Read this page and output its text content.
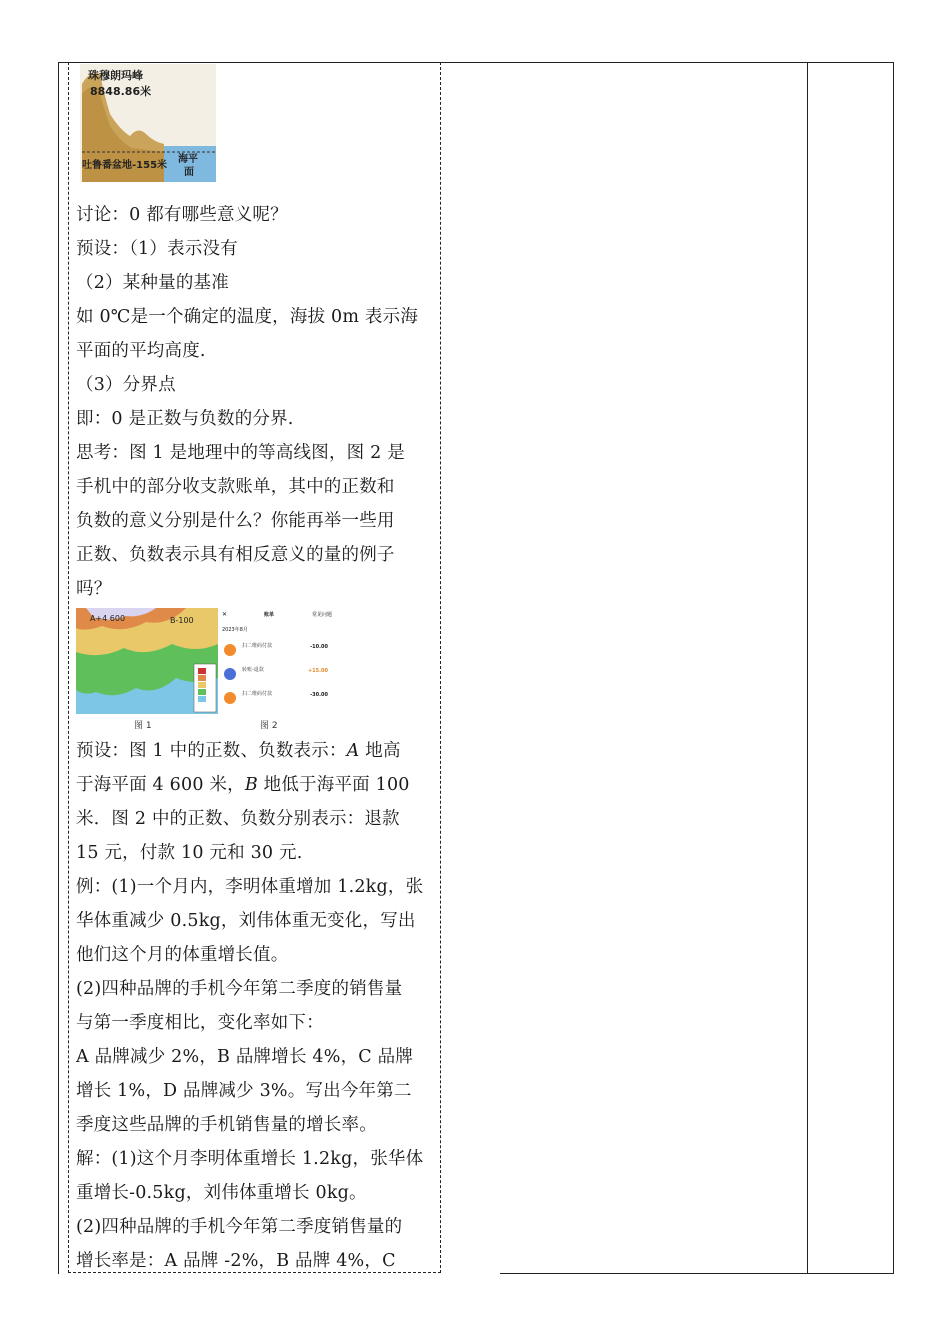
珠穆朗玛峰
8848.86米
吐鲁番盆地-155米
海平
面
讨论：0 都有哪些意义呢？
预设：（1）表示没有
（2）某种量的基准
如 0℃是一个确定的温度，海拔 0m 表示海
平面的平均高度.
（3）分界点
即：0 是正数与负数的分界.
思考：图 1 是地理中的等高线图，图 2 是
手机中的部分收支款账单，其中的正数和
负数的意义分别是什么？你能再举一些用
正数、负数表示具有相反意义的量的例子
吗？
A+4 600	B-100
✕	账单	常见问题
2023年8月
扫二维码付款	-10.00
转账-退款	+15.00
扫二维码付款	-30.00
图 1	图 2
预设：图 1 中的正数、负数表示：A 地高
于海平面 4 600 米，B 地低于海平面 100
米．图 2 中的正数、负数分别表示：退款
15 元，付款 10 元和 30 元.
例：(1)一个月内，李明体重增加 1.2kg，张
华体重减少 0.5kg，刘伟体重无变化，写出
他们这个月的体重增长值。
(2)四种品牌的手机今年第二季度的销售量
与第一季度相比，变化率如下：
A 品牌减少 2%，B 品牌增长 4%，C 品牌
增长 1%，D 品牌减少 3%。写出今年第二
季度这些品牌的手机销售量的增长率。
解：(1)这个月李明体重增长 1.2kg，张华体
重增长-0.5kg，刘伟体重增长 0kg。
(2)四种品牌的手机今年第二季度销售量的
增长率是：A 品牌 -2%，B 品牌 4%，C
